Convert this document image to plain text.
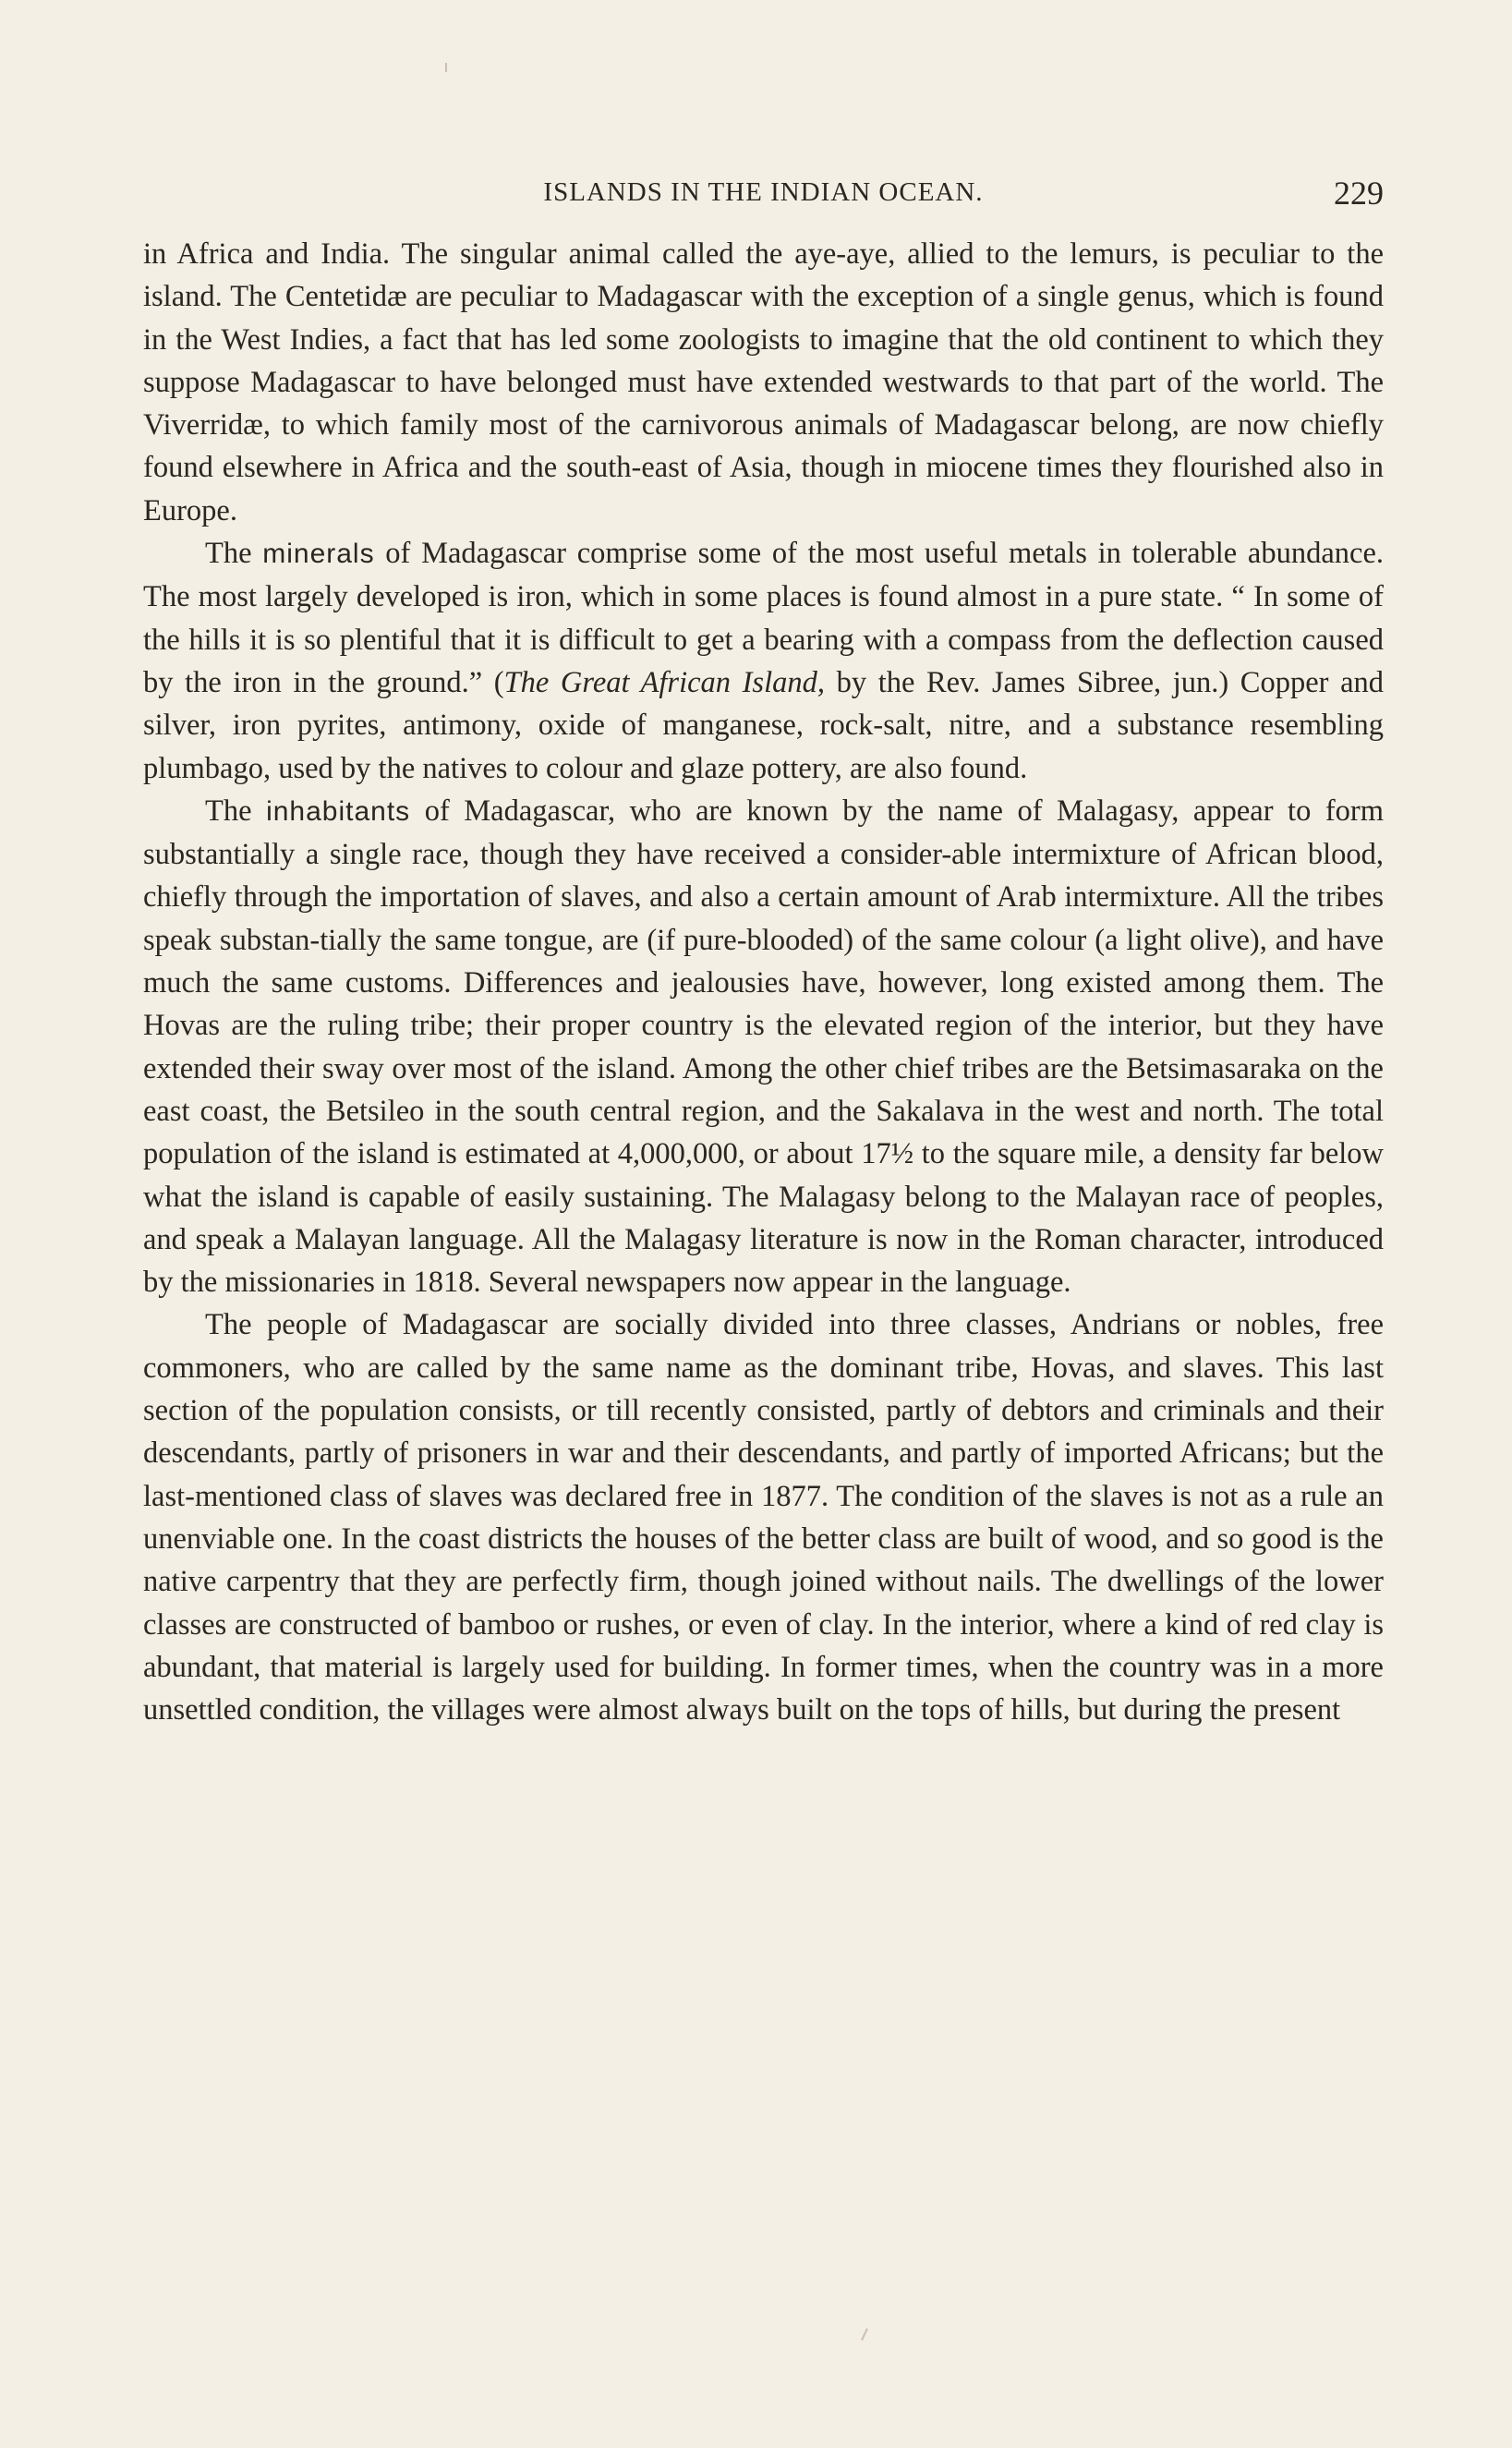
ISLANDS IN THE INDIAN OCEAN.	229

in Africa and India. The singular animal called the aye-aye, allied to the lemurs, is peculiar to the island. The Centetidæ are peculiar to Madagascar with the exception of a single genus, which is found in the West Indies, a fact that has led some zoologists to imagine that the old continent to which they suppose Madagascar to have belonged must have extended westwards to that part of the world. The Viverridæ, to which family most of the carnivorous animals of Madagascar belong, are now chiefly found elsewhere in Africa and the south-east of Asia, though in miocene times they flourished also in Europe.

The minerals of Madagascar comprise some of the most useful metals in tolerable abundance. The most largely developed is iron, which in some places is found almost in a pure state. “ In some of the hills it is so plentiful that it is difficult to get a bearing with a compass from the deflection caused by the iron in the ground.” (The Great African Island, by the Rev. James Sibree, jun.) Copper and silver, iron pyrites, antimony, oxide of manganese, rock-salt, nitre, and a substance resembling plumbago, used by the natives to colour and glaze pottery, are also found.

The inhabitants of Madagascar, who are known by the name of Malagasy, appear to form substantially a single race, though they have received a consider-able intermixture of African blood, chiefly through the importation of slaves, and also a certain amount of Arab intermixture. All the tribes speak substan-tially the same tongue, are (if pure-blooded) of the same colour (a light olive), and have much the same customs. Differences and jealousies have, however, long existed among them. The Hovas are the ruling tribe; their proper country is the elevated region of the interior, but they have extended their sway over most of the island. Among the other chief tribes are the Betsimasaraka on the east coast, the Betsileo in the south central region, and the Sakalava in the west and north. The total population of the island is estimated at 4,000,000, or about 17½ to the square mile, a density far below what the island is capable of easily sustaining. The Malagasy belong to the Malayan race of peoples, and speak a Malayan language. All the Malagasy literature is now in the Roman character, introduced by the missionaries in 1818. Several newspapers now appear in the language.

The people of Madagascar are socially divided into three classes, Andrians or nobles, free commoners, who are called by the same name as the dominant tribe, Hovas, and slaves. This last section of the population consists, or till recently consisted, partly of debtors and criminals and their descendants, partly of prisoners in war and their descendants, and partly of imported Africans; but the last-mentioned class of slaves was declared free in 1877. The condition of the slaves is not as a rule an unenviable one. In the coast districts the houses of the better class are built of wood, and so good is the native carpentry that they are perfectly firm, though joined without nails. The dwellings of the lower classes are constructed of bamboo or rushes, or even of clay. In the interior, where a kind of red clay is abundant, that material is largely used for building. In former times, when the country was in a more unsettled condition, the villages were almost always built on the tops of hills, but during the present
